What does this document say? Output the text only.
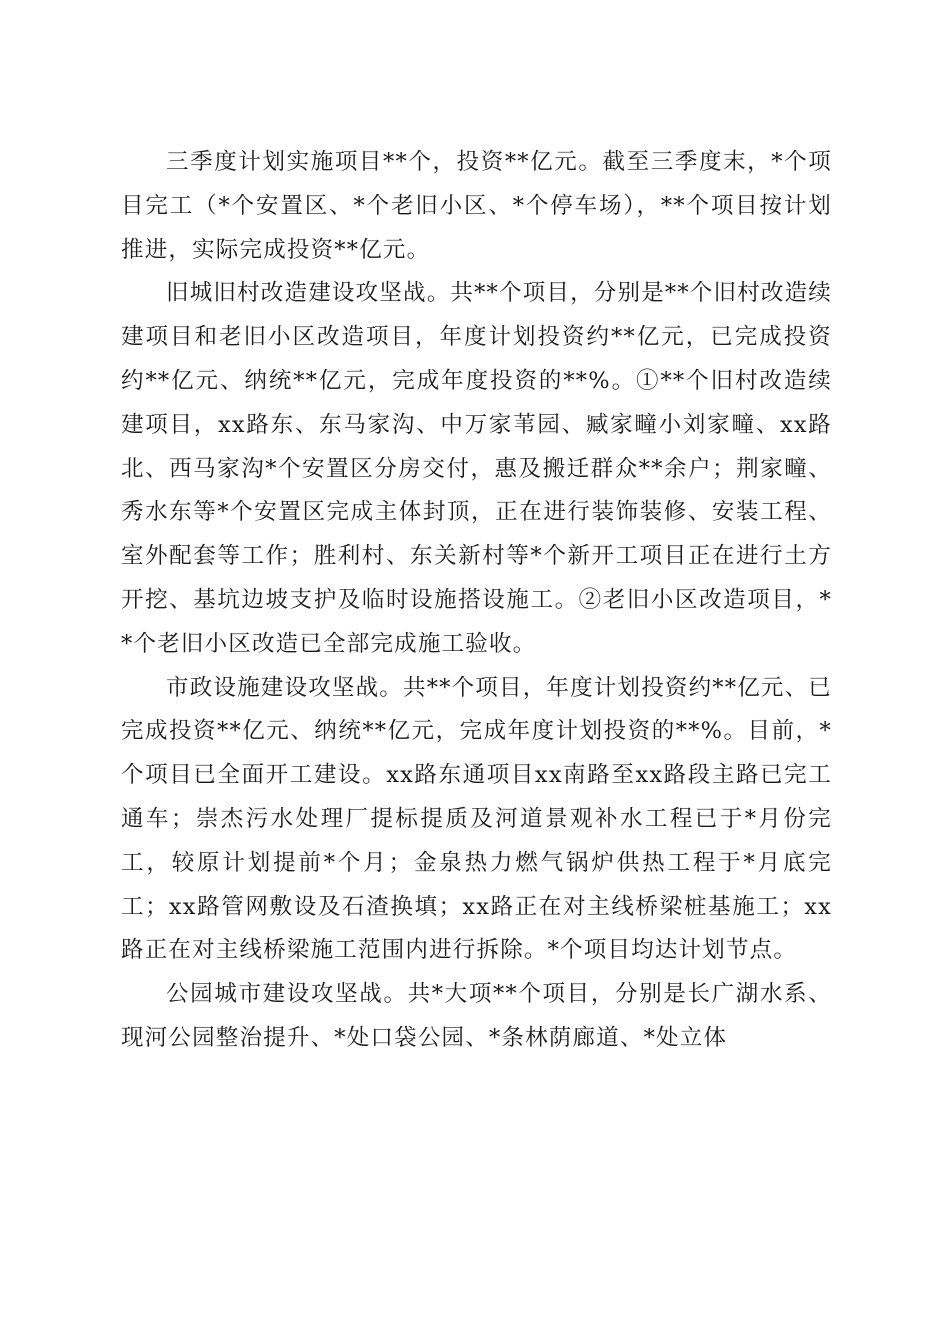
三季度计划实施项目**个，投资**亿元。截至三季度末，*个项目完工（*个安置区、*个老旧小区、*个停车场），**个项目按计划推进，实际完成投资**亿元。

旧城旧村改造建设攻坚战。共**个项目，分别是**个旧村改造续建项目和老旧小区改造项目，年度计划投资约**亿元，已完成投资约**亿元、纳统**亿元，完成年度投资的**%。①**个旧村改造续建项目，xx路东、东马家沟、中万家苇园、臧家疃小刘家疃、xx路北、西马家沟*个安置区分房交付，惠及搬迁群众**余户；荆家疃、秀水东等*个安置区完成主体封顶，正在进行装饰装修、安装工程、室外配套等工作；胜利村、东关新村等*个新开工项目正在进行土方开挖、基坑边坡支护及临时设施搭设施工。②老旧小区改造项目，**个老旧小区改造已全部完成施工验收。

市政设施建设攻坚战。共**个项目，年度计划投资约**亿元、已完成投资**亿元、纳统**亿元，完成年度计划投资的**%。目前，*个项目已全面开工建设。xx路东通项目xx南路至xx路段主路已完工通车；崇杰污水处理厂提标提质及河道景观补水工程已于*月份完工，较原计划提前*个月；金泉热力燃气锅炉供热工程于*月底完工；xx路管网敷设及石渣换填；xx路正在对主线桥梁桩基施工；xx路正在对主线桥梁施工范围内进行拆除。*个项目均达计划节点。

公园城市建设攻坚战。共*大项**个项目，分别是长广湖水系、现河公园整治提升、*处口袋公园、*条林荫廊道、*处立体
